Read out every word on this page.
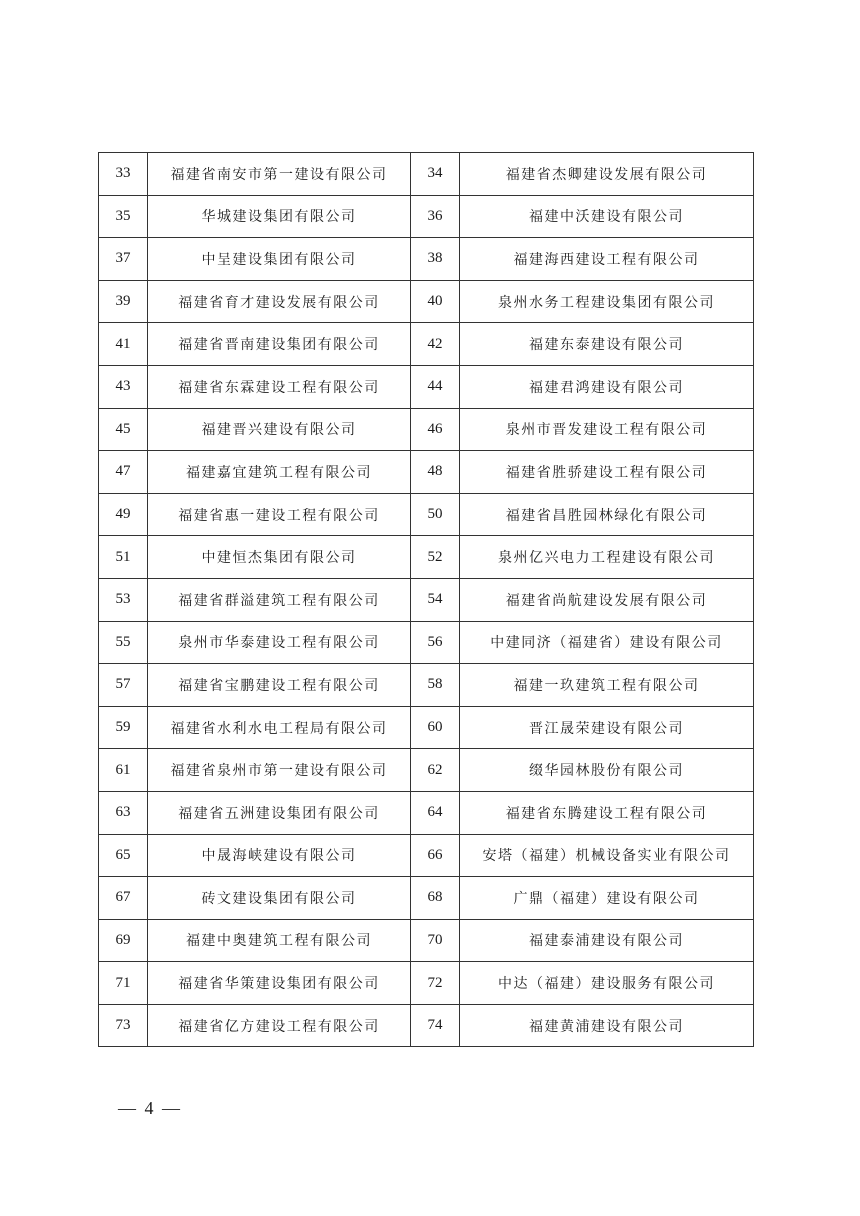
33	福建省南安市第一建设有限公司	34	福建省杰卿建设发展有限公司
35	华城建设集团有限公司	36	福建中沃建设有限公司
37	中呈建设集团有限公司	38	福建海西建设工程有限公司
39	福建省育才建设发展有限公司	40	泉州水务工程建设集团有限公司
41	福建省晋南建设集团有限公司	42	福建东泰建设有限公司
43	福建省东霖建设工程有限公司	44	福建君鸿建设有限公司
45	福建晋兴建设有限公司	46	泉州市晋发建设工程有限公司
47	福建嘉宜建筑工程有限公司	48	福建省胜骄建设工程有限公司
49	福建省惠一建设工程有限公司	50	福建省昌胜园林绿化有限公司
51	中建恒杰集团有限公司	52	泉州亿兴电力工程建设有限公司
53	福建省群溢建筑工程有限公司	54	福建省尚航建设发展有限公司
55	泉州市华泰建设工程有限公司	56	中建同济（福建省）建设有限公司
57	福建省宝鹏建设工程有限公司	58	福建一玖建筑工程有限公司
59	福建省水利水电工程局有限公司	60	晋江晟荣建设有限公司
61	福建省泉州市第一建设有限公司	62	缀华园林股份有限公司
63	福建省五洲建设集团有限公司	64	福建省东腾建设工程有限公司
65	中晟海峡建设有限公司	66	安塔（福建）机械设备实业有限公司
67	砖文建设集团有限公司	68	广鼎（福建）建设有限公司
69	福建中奥建筑工程有限公司	70	福建泰浦建设有限公司
71	福建省华策建设集团有限公司	72	中达（福建）建设服务有限公司
73	福建省亿方建设工程有限公司	74	福建黄浦建设有限公司
— 4 —
